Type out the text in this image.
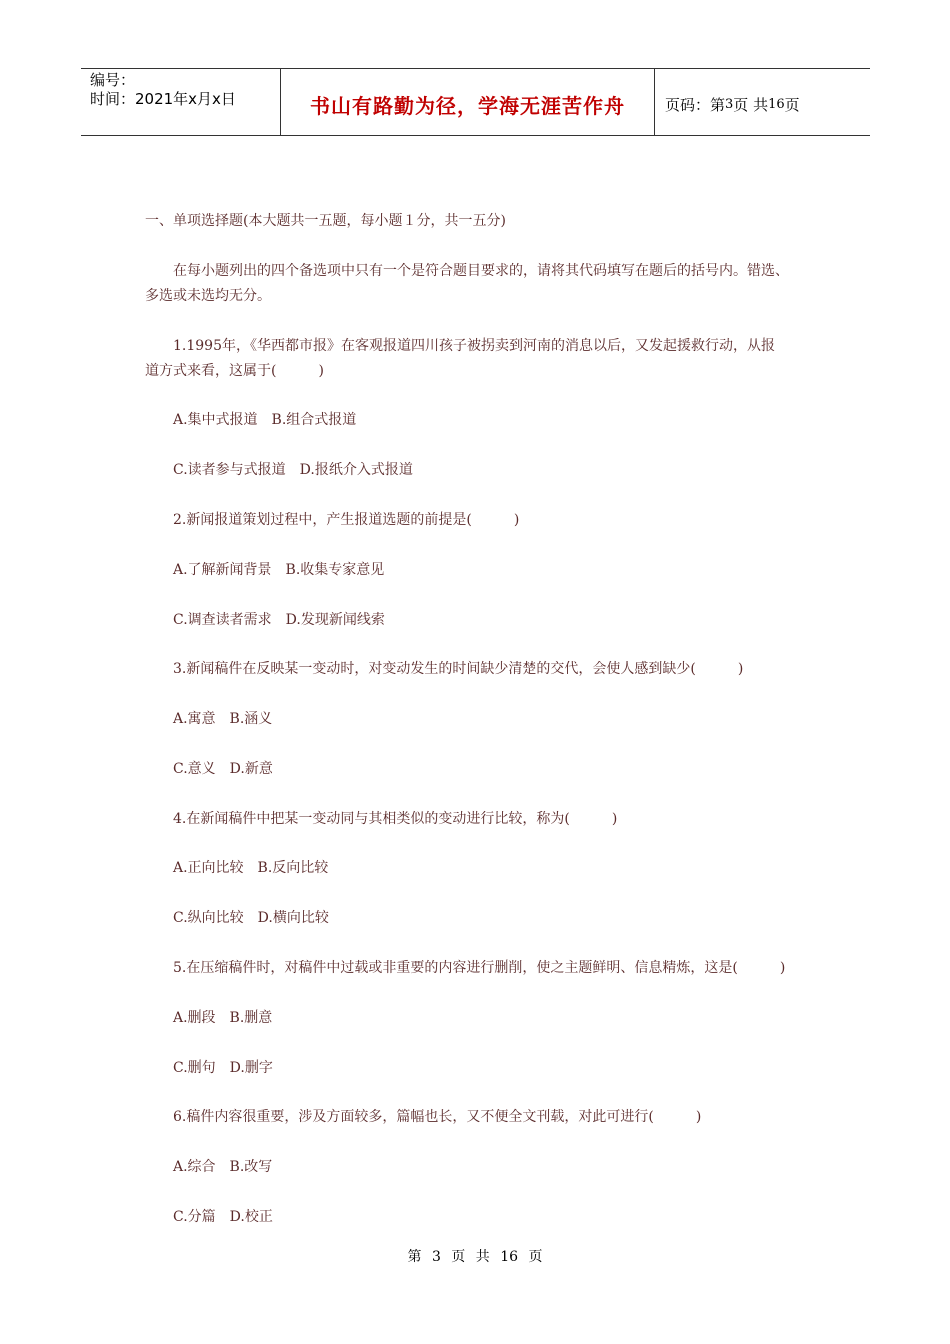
编号：
时间：2021年x月x日	书山有路勤为径，学海无涯苦作舟	页码：第 3 页 共 16 页
一、单项选择题(本大题共一五题，每小题１分，共一五分)
在每小题列出的四个备选项中只有一个是符合题目要求的，请将其代码填写在题后的括号内。错选、
多选或未选均无分。
1.1995年，《华西都市报》在客观报道四川孩子被拐卖到河南的消息以后，又发起援救行动，从报
道方式来看，这属于(　　　)
A.集中式报道　B.组合式报道
C.读者参与式报道　D.报纸介入式报道
2.新闻报道策划过程中，产生报道选题的前提是(　　　)
A.了解新闻背景　B.收集专家意见
C.调查读者需求　D.发现新闻线索
3.新闻稿件在反映某一变动时，对变动发生的时间缺少清楚的交代，会使人感到缺少(　　　)
A.寓意　B.涵义
C.意义　D.新意
4.在新闻稿件中把某一变动同与其相类似的变动进行比较，称为(　　　)
A.正向比较　B.反向比较
C.纵向比较　D.横向比较
5.在压缩稿件时，对稿件中过载或非重要的内容进行删削，使之主题鲜明、信息精炼，这是(　　　)
A.删段　B.删意
C.删句　D.删字
6.稿件内容很重要，涉及方面较多，篇幅也长，又不便全文刊载，对此可进行(　　　)
A.综合　B.改写
C.分篇　D.校正
第 3 页 共 16 页
